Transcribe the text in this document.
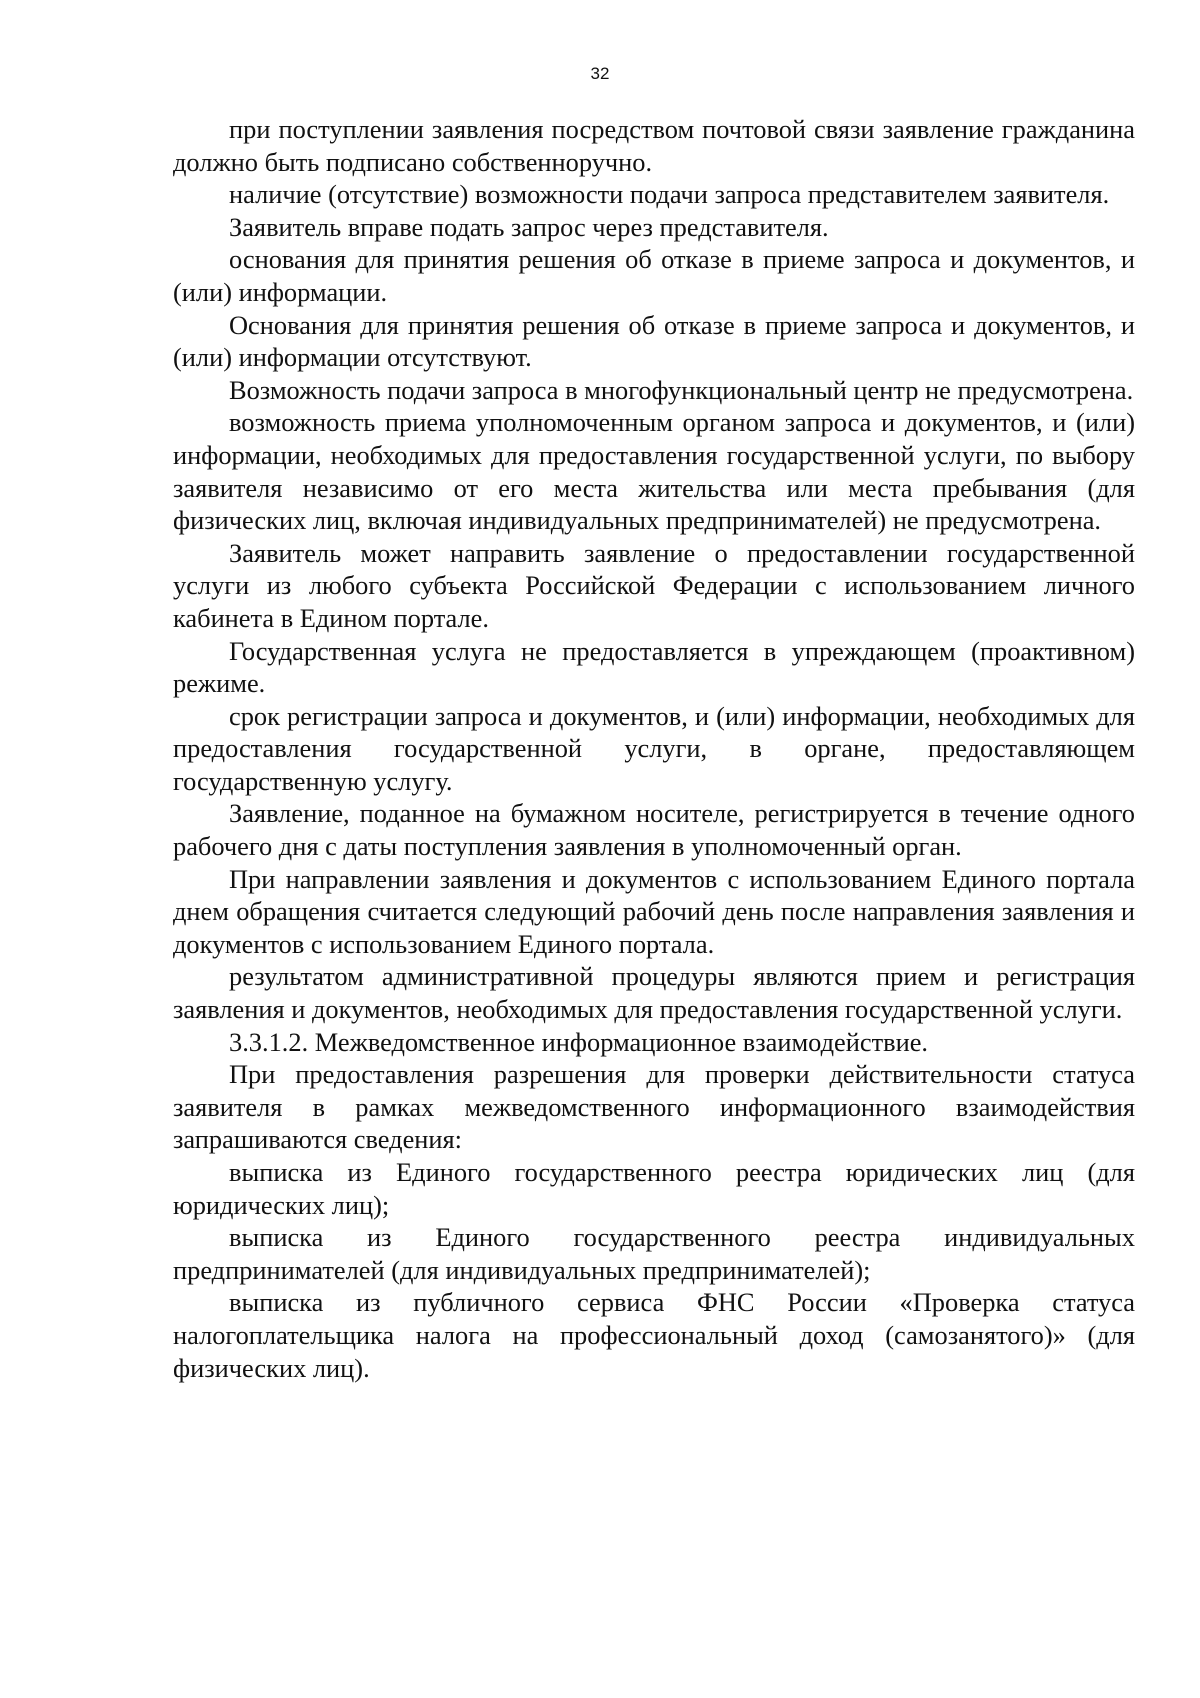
32

при поступлении заявления посредством почтовой связи заявление гражданина должно быть подписано собственноручно.

наличие (отсутствие) возможности подачи запроса представителем заявителя.

Заявитель вправе подать запрос через представителя.

основания для принятия решения об отказе в приеме запроса и документов, и (или) информации.

Основания для принятия решения об отказе в приеме запроса и документов, и (или) информации отсутствуют.

Возможность подачи запроса в многофункциональный центр не предусмотрена.

возможность приема уполномоченным органом запроса и документов, и (или) информации, необходимых для предоставления государственной услуги, по выбору заявителя независимо от его места жительства или места пребывания (для физических лиц, включая индивидуальных предпринимателей) не предусмотрена.

Заявитель может направить заявление о предоставлении государственной услуги из любого субъекта Российской Федерации с использованием личного кабинета в Едином портале.

Государственная услуга не предоставляется в упреждающем (проактивном) режиме.

срок регистрации запроса и документов, и (или) информации, необходимых для предоставления государственной услуги, в органе, предоставляющем государственную услугу.

Заявление, поданное на бумажном носителе, регистрируется в течение одного рабочего дня с даты поступления заявления в уполномоченный орган.

При направлении заявления и документов с использованием Единого портала днем обращения считается следующий рабочий день после направления заявления и документов с использованием Единого портала.

результатом административной процедуры являются прием и регистрация заявления и документов, необходимых для предоставления государственной услуги.

3.3.1.2. Межведомственное информационное взаимодействие.

При предоставления разрешения для проверки действительности статуса заявителя в рамках межведомственного информационного взаимодействия запрашиваются сведения:

выписка из Единого государственного реестра юридических лиц (для юридических лиц);

выписка из Единого государственного реестра индивидуальных предпринимателей (для индивидуальных предпринимателей);

выписка из публичного сервиса ФНС России «Проверка статуса налогоплательщика налога на профессиональный доход (самозанятого)» (для физических лиц).
